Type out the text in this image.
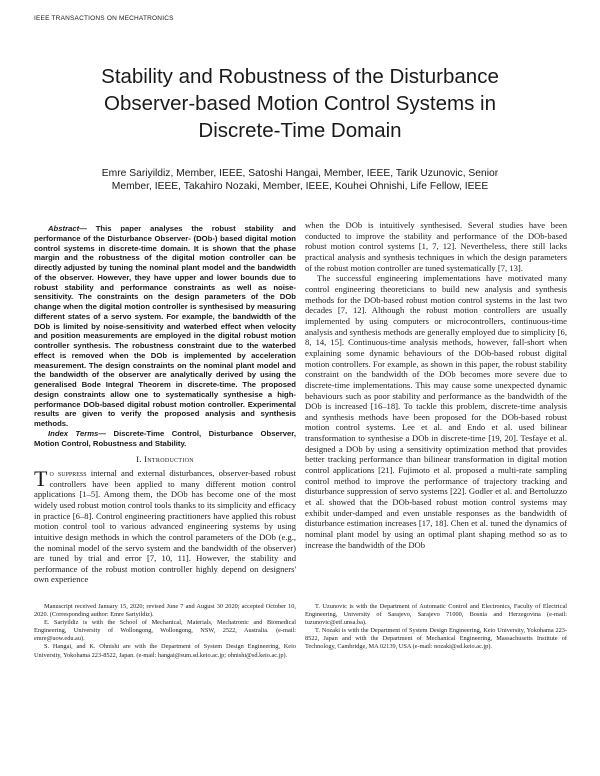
IEEE TRANSACTIONS ON MECHATRONICS
Stability and Robustness of the Disturbance
Observer-based Motion Control Systems in
Discrete-Time Domain
Emre Sariyildiz, Member, IEEE, Satoshi Hangai, Member, IEEE, Tarik Uzunovic, Senior
Member, IEEE, Takahiro Nozaki, Member, IEEE, Kouhei Ohnishi, Life Fellow, IEEE
Abstract— This paper analyses the robust stability and performance of the Disturbance Observer- (DOb-) based digital motion control systems in discrete-time domain. It is shown that the phase margin and the robustness of the digital motion controller can be directly adjusted by tuning the nominal plant model and the bandwidth of the observer. However, they have upper and lower bounds due to robust stability and performance constraints as well as noise-sensitivity. The constraints on the design parameters of the DOb change when the digital motion controller is synthesised by measuring different states of a servo system. For example, the bandwidth of the DOb is limited by noise-sensitivity and waterbed effect when velocity and position measurements are employed in the digital robust motion controller synthesis. The robustness constraint due to the waterbed effect is removed when the DOb is implemented by acceleration measurement. The design constraints on the nominal plant model and the bandwidth of the observer are analytically derived by using the generalised Bode Integral Theorem in discrete-time. The proposed design constraints allow one to systematically synthesise a high-performance DOb-based digital robust motion controller. Experimental results are given to verify the proposed analysis and synthesis methods.
Index Terms— Discrete-Time Control, Disturbance Observer, Motion Control, Robustness and Stability.
I. Introduction
To suppress internal and external disturbances, observer-based robust controllers have been applied to many different motion control applications [1–5]. Among them, the DOb has become one of the most widely used robust motion control tools thanks to its simplicity and efficacy in practice [6–8]. Control engineering practitioners have applied this robust motion control tool to various advanced engineering systems by using intuitive design methods in which the control parameters of the DOb (e.g., the nominal model of the servo system and the bandwidth of the observer) are tuned by trial and error [7, 10, 11]. However, the stability and performance of the robust motion controller highly depend on designers' own experience

when the DOb is intuitively synthesised. Several studies have been conducted to improve the stability and performance of the DOb-based robust motion control systems [1, 7, 12]. Nevertheless, there still lacks practical analysis and synthesis techniques in which the design parameters of the robust motion controller are tuned systematically [7, 13].

The successful engineering implementations have motivated many control engineering theoreticians to build new analysis and synthesis methods for the DOb-based robust motion control systems in the last two decades [7, 12]. Although the robust motion controllers are usually implemented by using computers or microcontrollers, continuous-time analysis and synthesis methods are generally employed due to simplicity [6, 8, 14, 15]. Continuous-time analysis methods, however, fall-short when explaining some dynamic behaviours of the DOb-based robust digital motion controllers. For example, as shown in this paper, the robust stability constraint on the bandwidth of the DOb becomes more severe due to discrete-time implementations. This may cause some unexpected dynamic behaviours such as poor stability and performance as the bandwidth of the DOb is increased [16–18]. To tackle this problem, discrete-time analysis and synthesis methods have been proposed for the DOb-based robust motion control systems. Lee et al. and Endo et al. used bilinear transformation to synthesise a DOb in discrete-time [19, 20]. Tesfaye et al. designed a DOb by using a sensitivity optimization method that provides better tracking performance than bilinear transformation in digital motion control applications [21]. Fujimoto et al. proposed a multi-rate sampling control method to improve the performance of trajectory tracking and disturbance suppression of servo systems [22]. Godler et al. and Bertoluzzo et al. showed that the DOb-based robust motion control systems may exhibit under-damped and even unstable responses as the bandwidth of disturbance estimation increases [17, 18]. Chen et al. tuned the dynamics of nominal plant model by using an optimal plant shaping method so as to increase the bandwidth of the DOb

Manuscript received January 15, 2020; revised June 7 and August 30 2020; accepted October 10, 2020. (Corresponding author: Emre Sariyildiz).
E. Sariyildiz is with the School of Mechanical, Materials, Mechatronic and Biomedical Engineering, University of Wollongong, Wollongong, NSW, 2522, Australia. (e-mail: emre@uow.edu.au).
S. Hangai, and K. Ohnishi are with the Department of System Design Engineering, Keio University, Yokohama 223-8522, Japan. (e-mail: hangai@sum.sd.keio.ac.jp; ohnishi@sd.keio.ac.jp).
T. Uzunovic is with the Department of Automatic Control and Electronics, Faculty of Electrical Engineering, University of Sarajevo, Sarajevo 71000, Bosnia and Herzegovina (e-mail: tuzunovic@etf.unsa.ba).
T. Nozaki is with the Department of System Design Engineering, Keio University, Yokohama 223-8522, Japan and with the Department of Mechanical Engineering, Massachusetts Institute of Technology, Cambridge, MA 02139, USA (e-mail: nozaki@sd.keio.ac.jp).
